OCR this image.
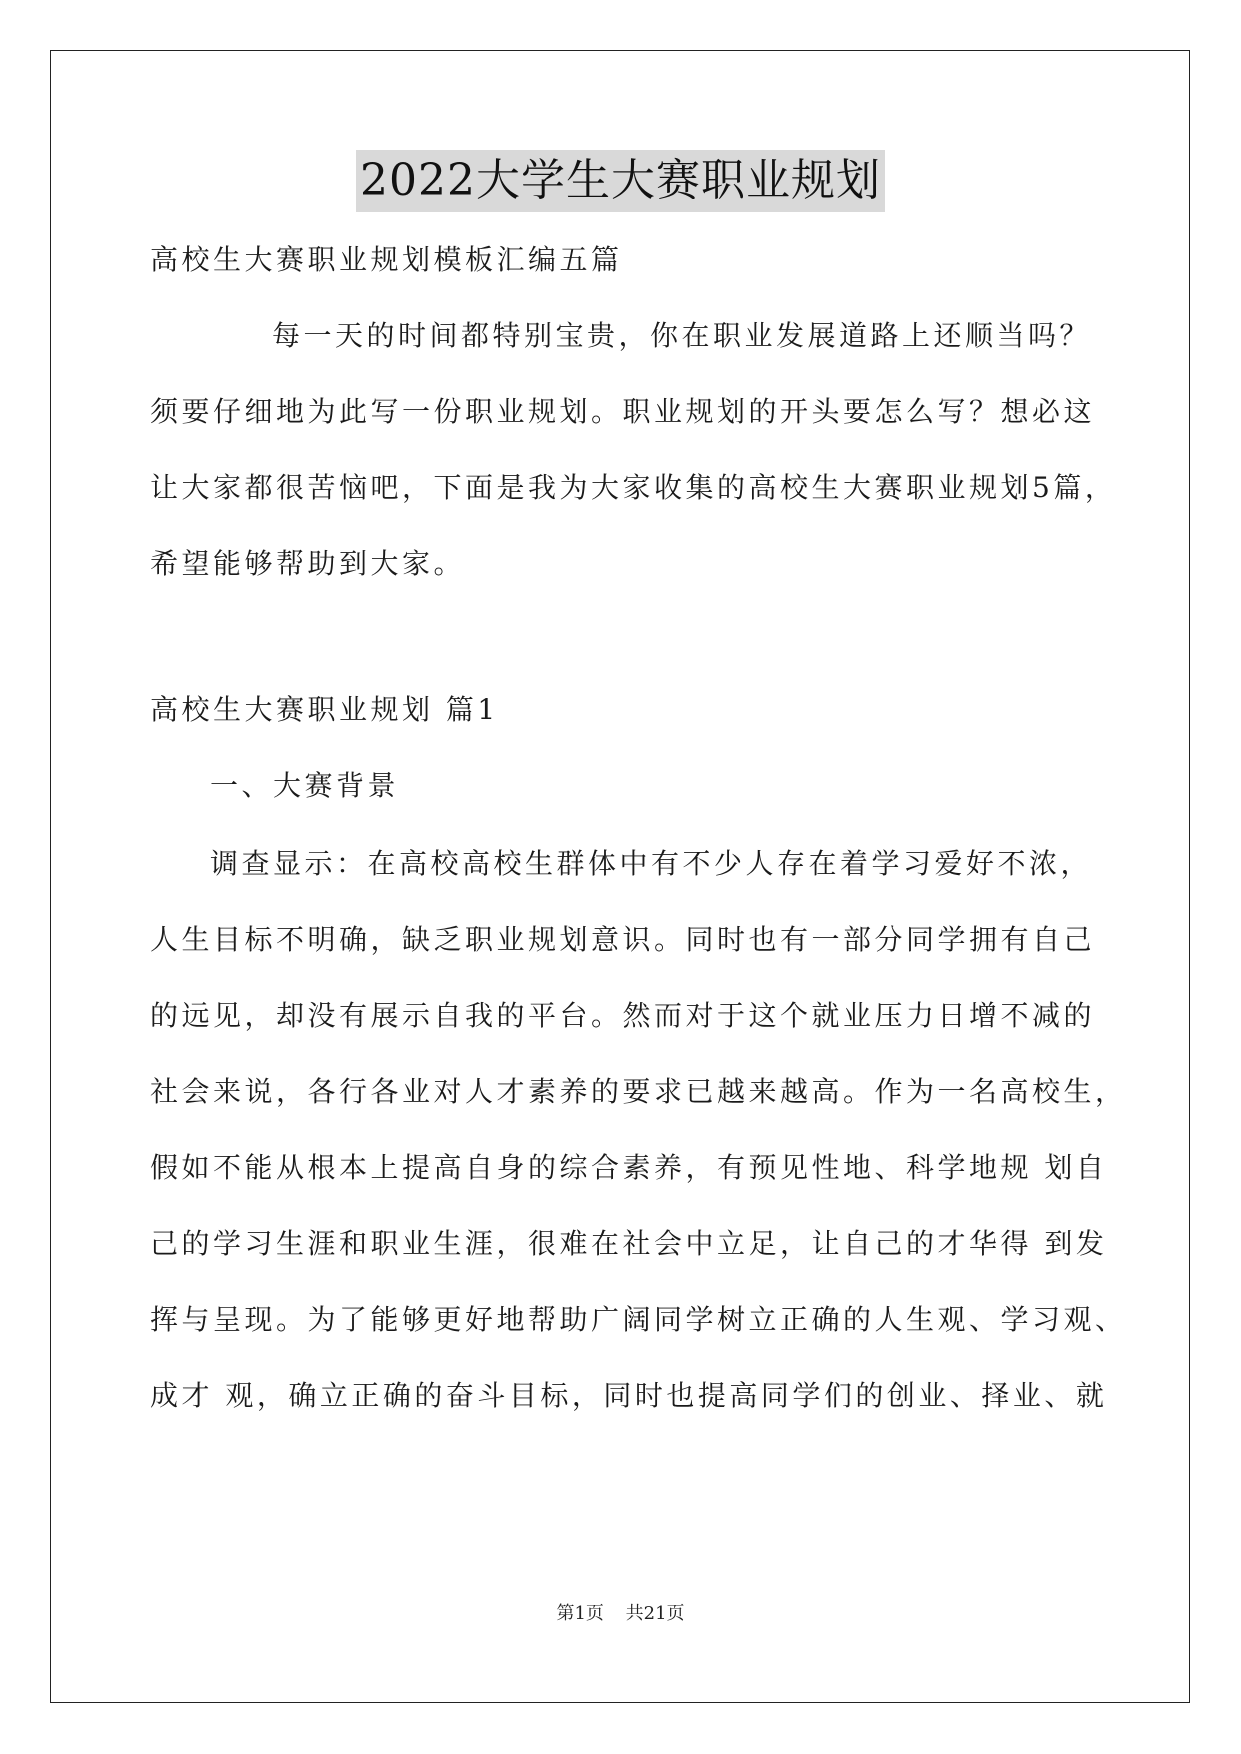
2022大学生大赛职业规划
高校生大赛职业规划模板汇编五篇
每一天的时间都特别宝贵，你在职业发展道路上还顺当吗？
须要仔细地为此写一份职业规划。职业规划的开头要怎么写？想必这
让大家都很苦恼吧，下面是我为大家收集的高校生大赛职业规划5篇，
希望能够帮助到大家。
高校生大赛职业规划 篇1
一、大赛背景
调查显示：在高校高校生群体中有不少人存在着学习爱好不浓，
人生目标不明确，缺乏职业规划意识。同时也有一部分同学拥有自己
的远见，却没有展示自我的平台。然而对于这个就业压力日增不减的
社会来说，各行各业对人才素养的要求已越来越高。作为一名高校生，
假如不能从根本上提高自身的综合素养，有预见性地、科学地规 划自
己的学习生涯和职业生涯，很难在社会中立足，让自己的才华得 到发
挥与呈现。为了能够更好地帮助广阔同学树立正确的人生观、学习观、
成才 观，确立正确的奋斗目标，同时也提高同学们的创业、择业、就
第1页 共21页
